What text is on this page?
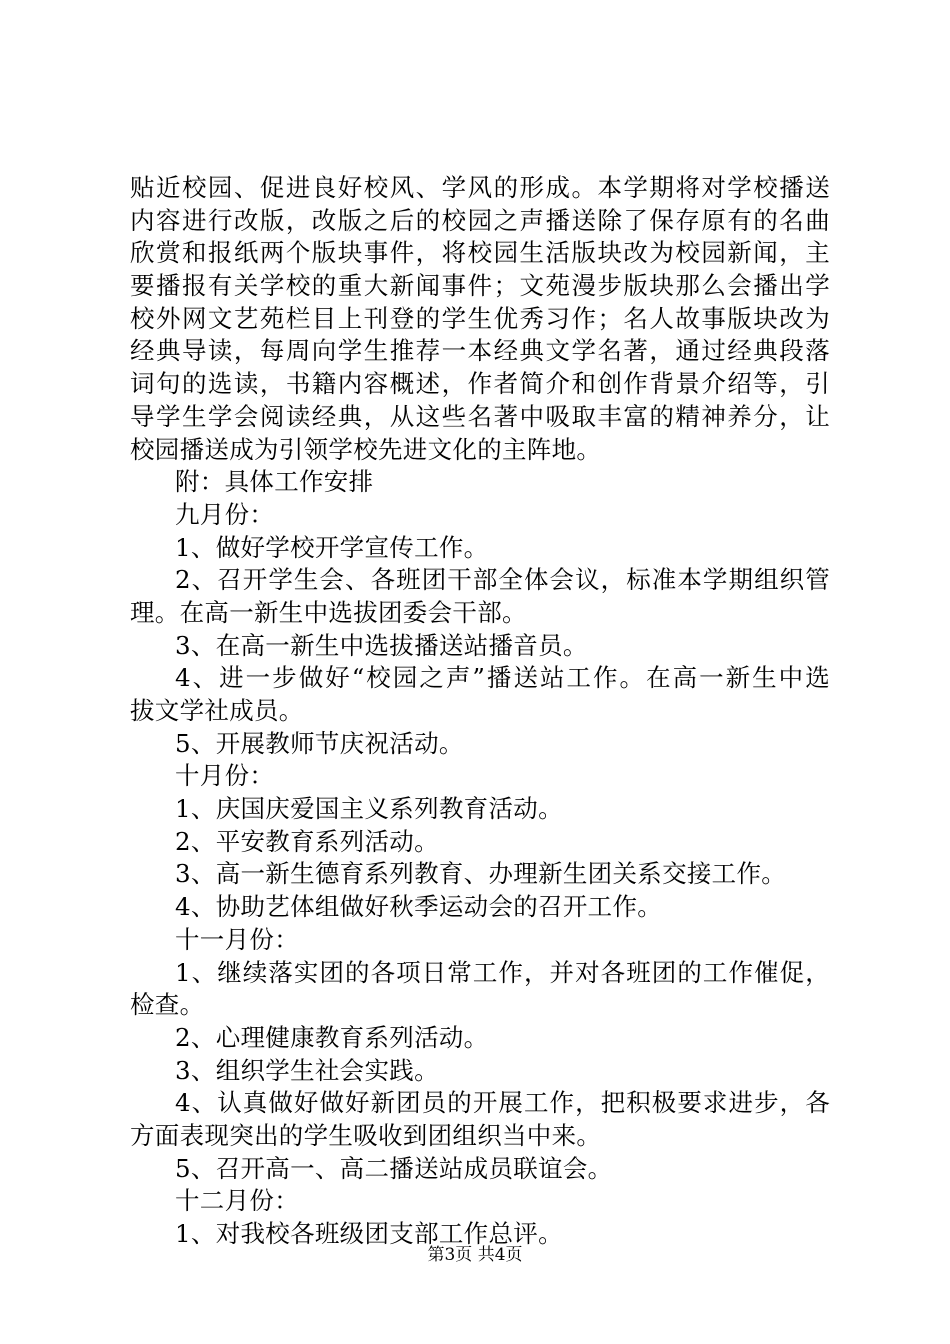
贴近校园、促进良好校风、学风的形成。本学期将对学校播送
内容进行改版，改版之后的校园之声播送除了保存原有的名曲
欣赏和报纸两个版块事件，将校园生活版块改为校园新闻，主
要播报有关学校的重大新闻事件；文苑漫步版块那么会播出学
校外网文艺苑栏目上刊登的学生优秀习作；名人故事版块改为
经典导读，每周向学生推荐一本经典文学名著，通过经典段落
词句的选读，书籍内容概述，作者简介和创作背景介绍等，引
导学生学会阅读经典，从这些名著中吸取丰富的精神养分，让
校园播送成为引领学校先进文化的主阵地。
附：具体工作安排
九月份：
1、做好学校开学宣传工作。
2、召开学生会、各班团干部全体会议，标准本学期组织管
理。在高一新生中选拔团委会干部。
3、在高一新生中选拔播送站播音员。
4、进一步做好“校园之声”播送站工作。在高一新生中选
拔文学社成员。
5、开展教师节庆祝活动。
十月份：
1、庆国庆爱国主义系列教育活动。
2、平安教育系列活动。
3、高一新生德育系列教育、办理新生团关系交接工作。
4、协助艺体组做好秋季运动会的召开工作。
十一月份：
1、继续落实团的各项日常工作，并对各班团的工作催促，
检查。
2、心理健康教育系列活动。
3、组织学生社会实践。
4、认真做好做好新团员的开展工作，把积极要求进步，各
方面表现突出的学生吸收到团组织当中来。
5、召开高一、高二播送站成员联谊会。
十二月份：
1、对我校各班级团支部工作总评。
第3页 共4页
